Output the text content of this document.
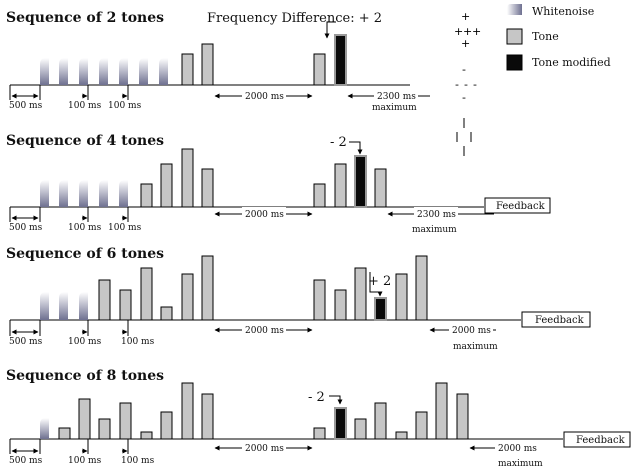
Sequence of 2 tones
Sequence of 4 tones
Sequence of 6 tones
Sequence of 8 tones
Frequency Difference: + 2
- 2
+ 2
- 2
Whitenoise
Tone
Tone modified
+
+ + +
+
-
- - -
-
500 ms	100 ms 100 ms
2000 ms	2300 ms
maximum
Feedback
500 ms	100 ms 100 ms
2000 ms	2300 ms
maximum
Feedback
500 ms	100 ms 100 ms
2000 ms	2000 ms
maximum
Feedback
500 ms	100 ms 100 ms
2000 ms	2000 ms
maximum
